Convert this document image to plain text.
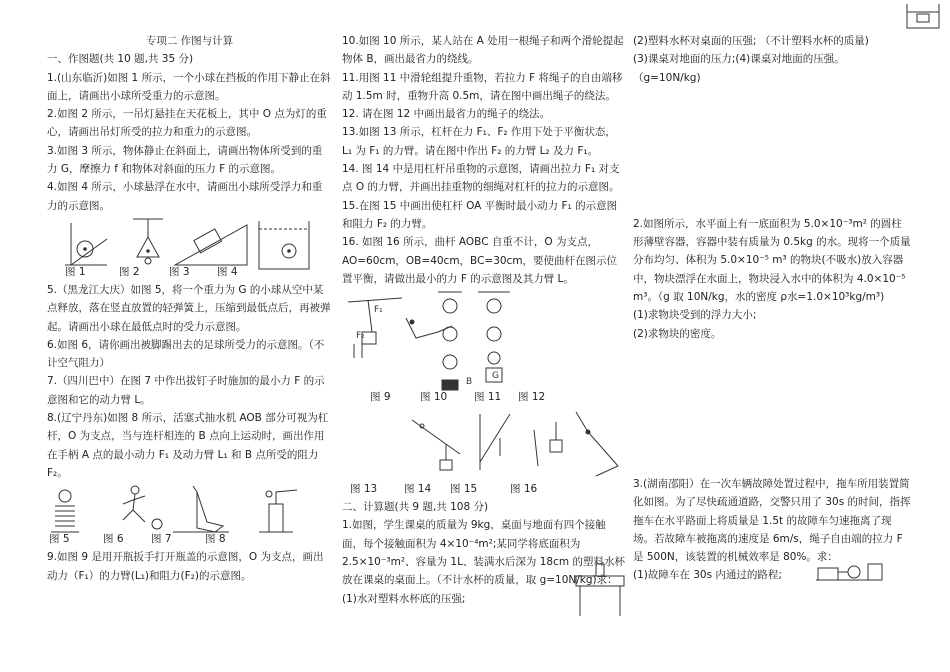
专项二 作图与计算

一、作图题(共 10 题,共 35 分)

1.(山东临沂)如图 1 所示，一个小球在挡板的作用下静止在斜面上，请画出小球所受重力的示意图。

2.如图 2 所示，一吊灯悬挂在天花板上，其中 O 点为灯的重心，请画出吊灯所受的拉力和重力的示意图。

3.如图 3 所示，物体静止在斜面上，请画出物体所受到的重力 G，摩擦力 f 和物体对斜面的压力 F 的示意图。

4.如图 4 所示，小球悬浮在水中，请画出小球所受浮力和重力的示意图。

图 1	图 2	图 3	图 4

5.（黑龙江大庆）如图 5，将一个重力为 G 的小球从空中某点释放，落在竖直放置的轻弹簧上，压缩到最低点后，再被弹起。请画出小球在最低点时的受力示意图。

6.如图 6，请你画出被脚踢出去的足球所受力的示意图。（不计空气阻力）

7.（四川巴中）在图 7 中作出拔钉子时施加的最小力 F 的示意图和它的动力臂 L。

8.(辽宁丹东)如图 8 所示，活塞式抽水机 AOB 部分可视为杠杆，O 为支点，当与连杆相连的 B 点向上运动时，画出作用在手柄 A 点的最小动力 F₁ 及动力臂 L₁ 和 B 点所受的阻力 F₂。

图 5	图 6	图 7	图 8

9.如图 9 是用开瓶扳手打开瓶盖的示意图，O 为支点，画出动力（F₁）的力臂(L₁)和阻力(F₂)的示意图。

10.如图 10 所示，某人站在 A 处用一根绳子和两个滑轮提起物体 B，画出最省力的绕线。

11.用图 11 中滑轮组提升重物，若拉力 F 将绳子的自由端移动 1.5m 时，重物升高 0.5m，请在图中画出绳子的绕法。

12. 请在图 12 中画出最省力的绳子的绕法。

13.如图 13 所示，杠杆在力 F₁、F₂ 作用下处于平衡状态，L₁ 为 F₁ 的力臂。请在图中作出 F₂ 的力臂 L₂ 及力 F₁。

14. 图 14 中是用杠杆吊重物的示意图，请画出拉力 F₁ 对支点 O 的力臂，并画出挂重物的细绳对杠杆的拉力的示意图。

15.在图 15 中画出使杠杆 OA 平衡时最小动力 F₁ 的示意图和阻力 F₂ 的力臂。

16. 如图 16 所示，曲杆 AOBC 自重不计，O 为支点，AO=60cm，OB=40cm，BC=30cm，要使曲杆在图示位置平衡，请做出最小的力 F 的示意图及其力臂 L。

F₁
F₂
B
G
图 9	图 10	图 11 图 12
图 13	图 14 图 15	图 16

二、计算题(共 9 题,共 108 分)

1.如图，学生课桌的质量为 9kg，桌面与地面有四个接触面，每个接触面积为 4×10⁻⁴m²;某同学将底面积为 2.5×10⁻³m²、容量为 1L、装满水后深为 18cm 的塑料水杯放在课桌的桌面上。（不计水杯的质量，取 g=10N/kg)求：

(1)水对塑料水杯底的压强;

(2)塑料水杯对桌面的压强; （不计塑料水杯的质量)

(3)课桌对地面的压力;(4)课桌对地面的压强。 （g=10N/kg)

2.如图所示，水平面上有一底面积为 5.0×10⁻³m² 的圆柱形薄壁容器，容器中装有质量为 0.5kg 的水。现将一个质量分布均匀、体积为 5.0×10⁻⁵ m³ 的物块(不吸水)放入容器中，物块漂浮在水面上，物块浸入水中的体积为 4.0×10⁻⁵ m³。（g 取 10N/kg，水的密度 ρ水=1.0×10³kg/m³)

(1)求物块受到的浮力大小;

(2)求物块的密度。

3.(湖南邵阳）在一次车辆故障处置过程中，拖车所用装置简化如图。为了尽快疏通道路，交警只用了 30s 的时间，指挥拖车在水平路面上将质量是 1.5t 的故障车匀速拖离了现场。若故障车被拖离的速度是 6m/s，绳子自由端的拉力 F 是 500N，该装置的机械效率是 80%。求：

(1)故障车在 30s 内通过的路程;
